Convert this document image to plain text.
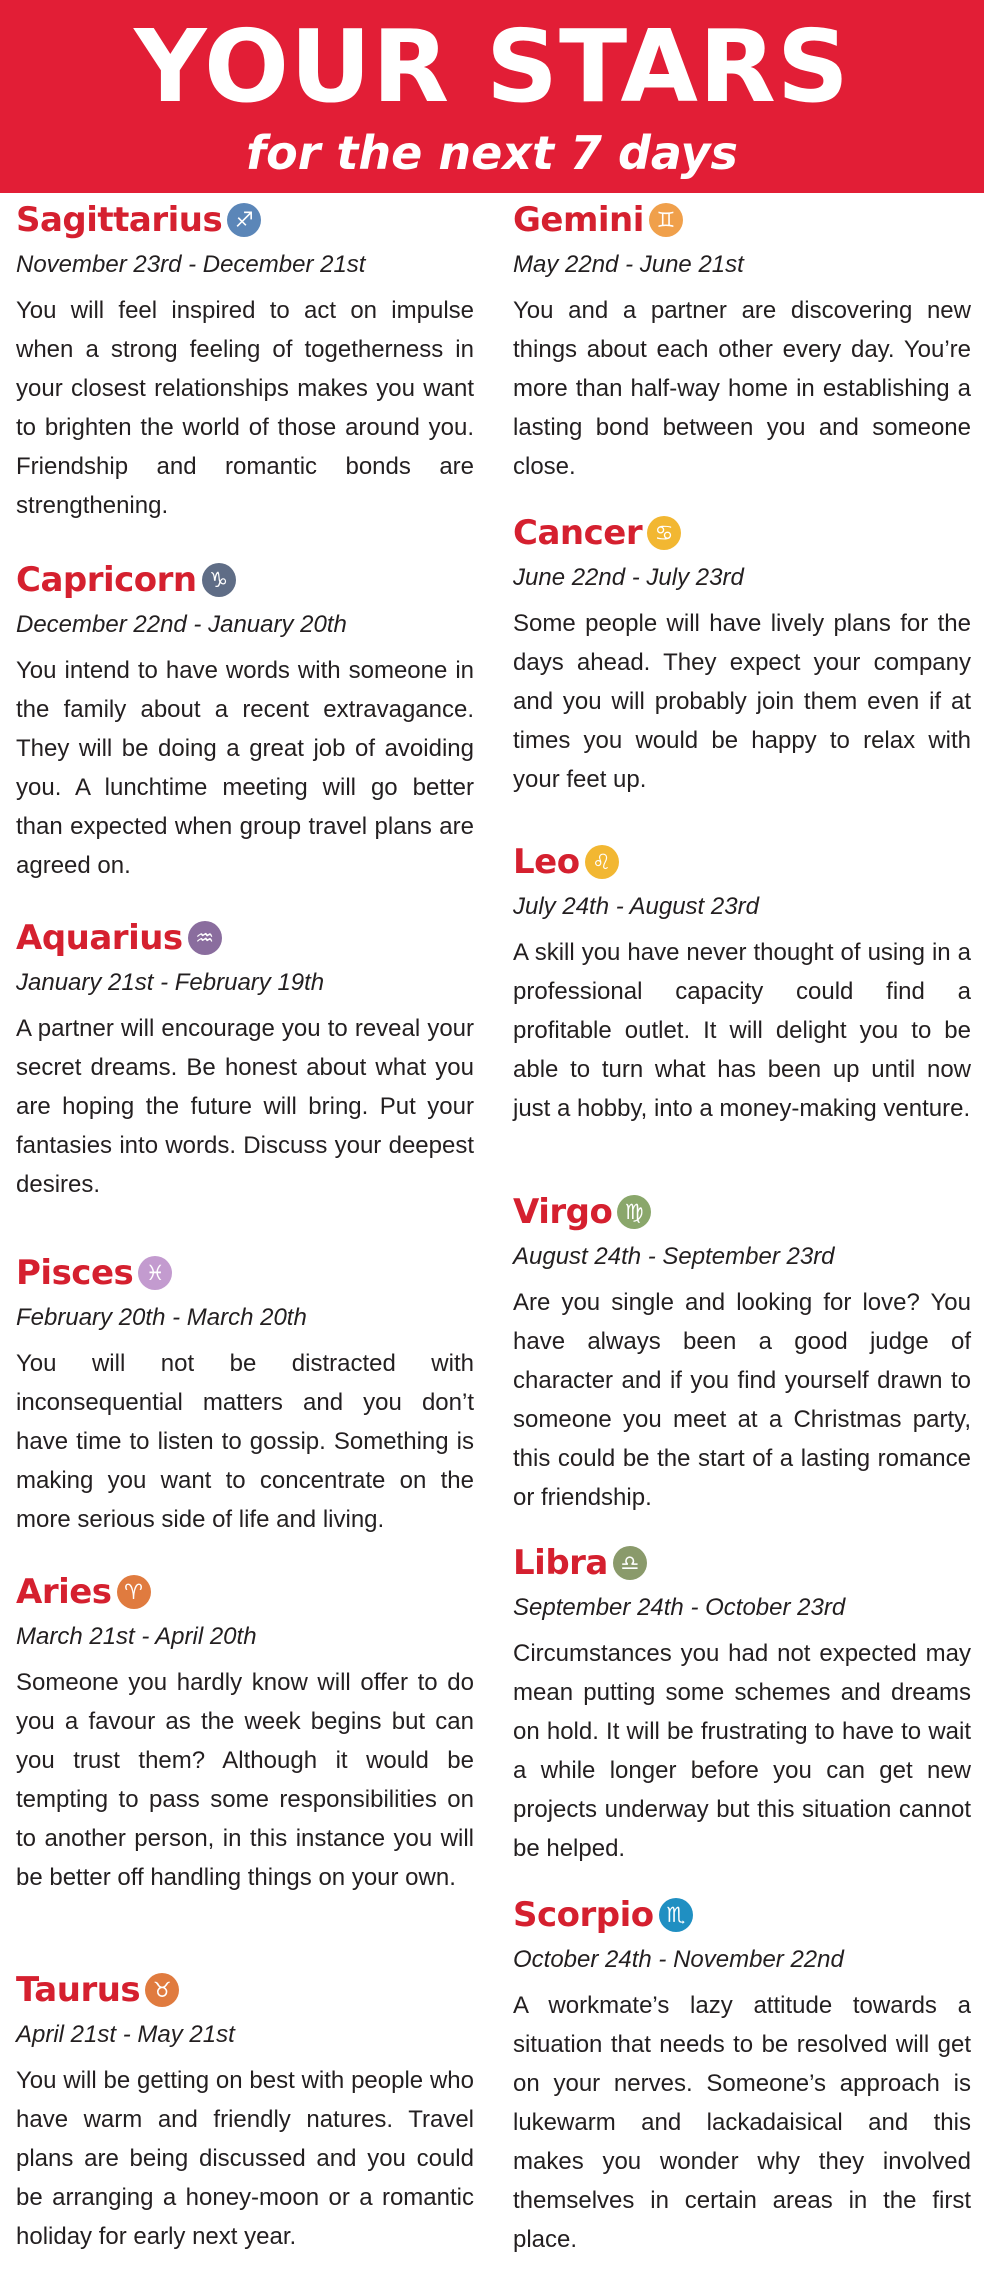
YOUR STARS
for the next 7 days
Sagittarius ♐
November 23rd - December 21st
You will feel inspired to act on impulse when a strong feeling of togetherness in your closest relationships makes you want to brighten the world of those around you. Friendship and romantic bonds are strengthening.
Capricorn ♑
December 22nd - January 20th
You intend to have words with someone in the family about a recent extravagance. They will be doing a great job of avoiding you. A lunchtime meeting will go better than expected when group travel plans are agreed on.
Aquarius ♒
January 21st - February 19th
A partner will encourage you to reveal your secret dreams. Be honest about what you are hoping the future will bring. Put your fantasies into words. Discuss your deepest desires.
Pisces ♓
February 20th - March 20th
You will not be distracted with inconsequential matters and you don’t have time to listen to gossip. Something is making you want to concentrate on the more serious side of life and living.
Aries ♈
March 21st - April 20th
Someone you hardly know will offer to do you a favour as the week begins but can you trust them? Although it would be tempting to pass some responsibilities on to another person, in this instance you will be better off handling things on your own.
Taurus ♉
April 21st - May 21st
You will be getting on best with people who have warm and friendly natures. Travel plans are being discussed and you could be arranging a honey-moon or a romantic holiday for early next year.
Gemini ♊
May 22nd - June 21st
You and a partner are discovering new things about each other every day. You’re more than half-way home in establishing a lasting bond between you and someone close.
Cancer ♋
June 22nd - July 23rd
Some people will have lively plans for the days ahead. They expect your company and you will probably join them even if at times you would be happy to relax with your feet up.
Leo ♌
July 24th - August 23rd
A skill you have never thought of using in a professional capacity could find a profitable outlet. It will delight you to be able to turn what has been up until now just a hobby, into a money-making venture.
Virgo ♍
August 24th - September 23rd
Are you single and looking for love? You have always been a good judge of character and if you find yourself drawn to someone you meet at a Christmas party, this could be the start of a lasting romance or friendship.
Libra ♎
September 24th - October 23rd
Circumstances you had not expected may mean putting some schemes and dreams on hold. It will be frustrating to have to wait a while longer before you can get new projects underway but this situation cannot be helped.
Scorpio ♏
October 24th - November 22nd
A workmate’s lazy attitude towards a situation that needs to be resolved will get on your nerves. Someone’s approach is lukewarm and lackadaisical and this makes you wonder why they involved themselves in certain areas in the first place.
